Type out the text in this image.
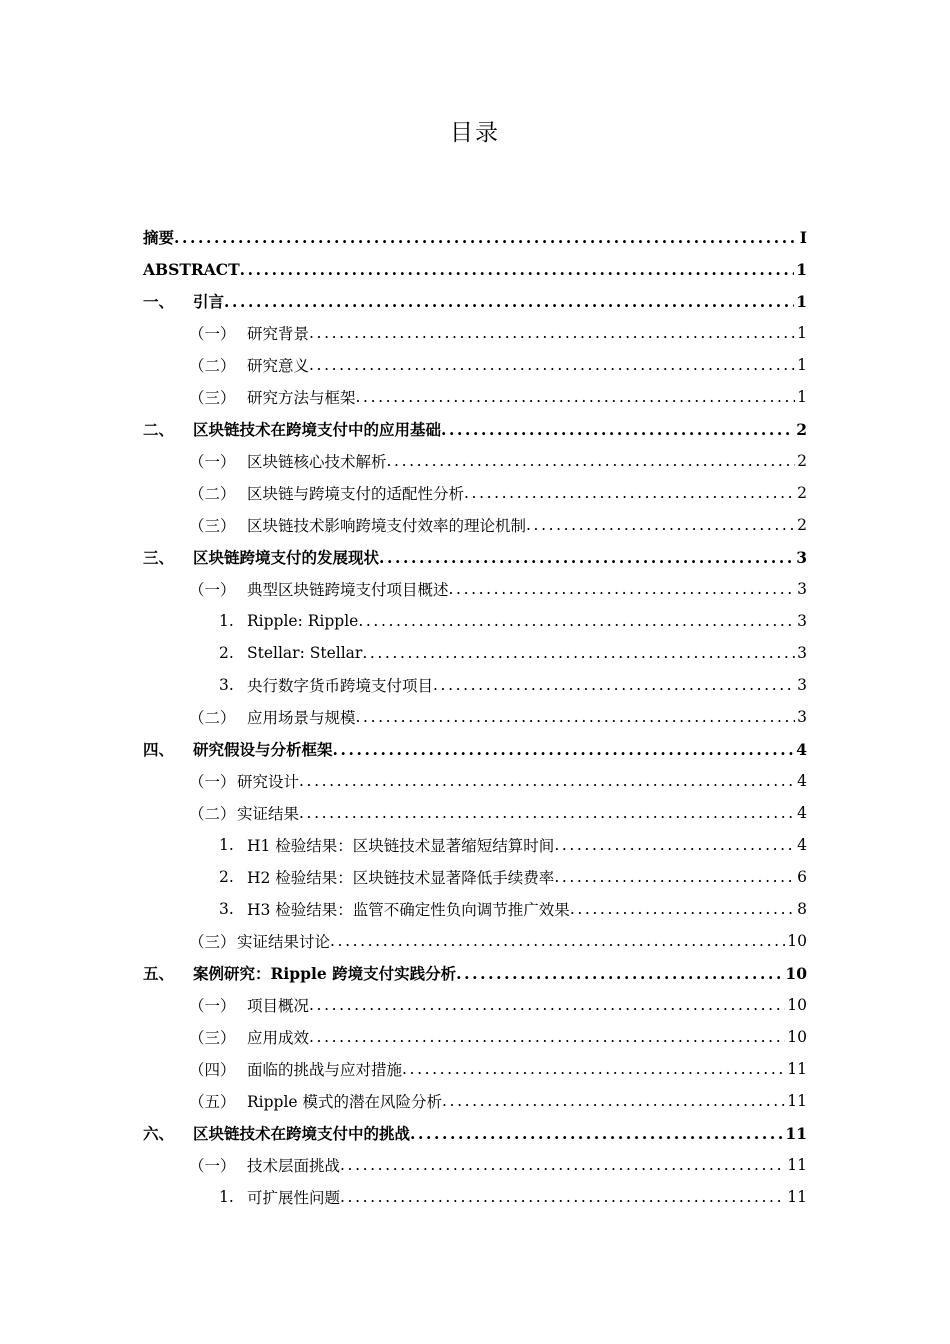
目录
摘要 .....	I
ABSTRACT .....	1
一、	引言 .....	1
（一） 研究背景 .....	1
（二） 研究意义 .....	1
（三） 研究方法与框架 .....	1
二、	区块链技术在跨境支付中的应用基础 .....	2
（一） 区块链核心技术解析 .....	2
（二） 区块链与跨境支付的适配性分析 .....	2
（三） 区块链技术影响跨境支付效率的理论机制 .....	2
三、	区块链跨境支付的发展现状 .....	3
（一） 典型区块链跨境支付项目概述 .....	3
1. Ripple: Ripple .....	3
2. Stellar: Stellar .....	3
3. 央行数字货币跨境支付项目 .....	3
（二） 应用场景与规模 .....	3
四、	研究假设与分析框架 .....	4
（一） 研究设计 .....	4
（二） 实证结果 .....	4
1. H1 检验结果：区块链技术显著缩短结算时间 .....	4
2. H2 检验结果：区块链技术显著降低手续费率 .....	6
3. H3 检验结果：监管不确定性负向调节推广效果 .....	8
（三） 实证结果讨论 .....	10
五、	案例研究：Ripple 跨境支付实践分析 .....	10
（一） 项目概况 .....	10
（三） 应用成效 .....	10
（四） 面临的挑战与应对措施 .....	11
（五） Ripple 模式的潜在风险分析 .....	11
六、	区块链技术在跨境支付中的挑战 .....	11
（一） 技术层面挑战 .....	11
1. 可扩展性问题 .....	11
